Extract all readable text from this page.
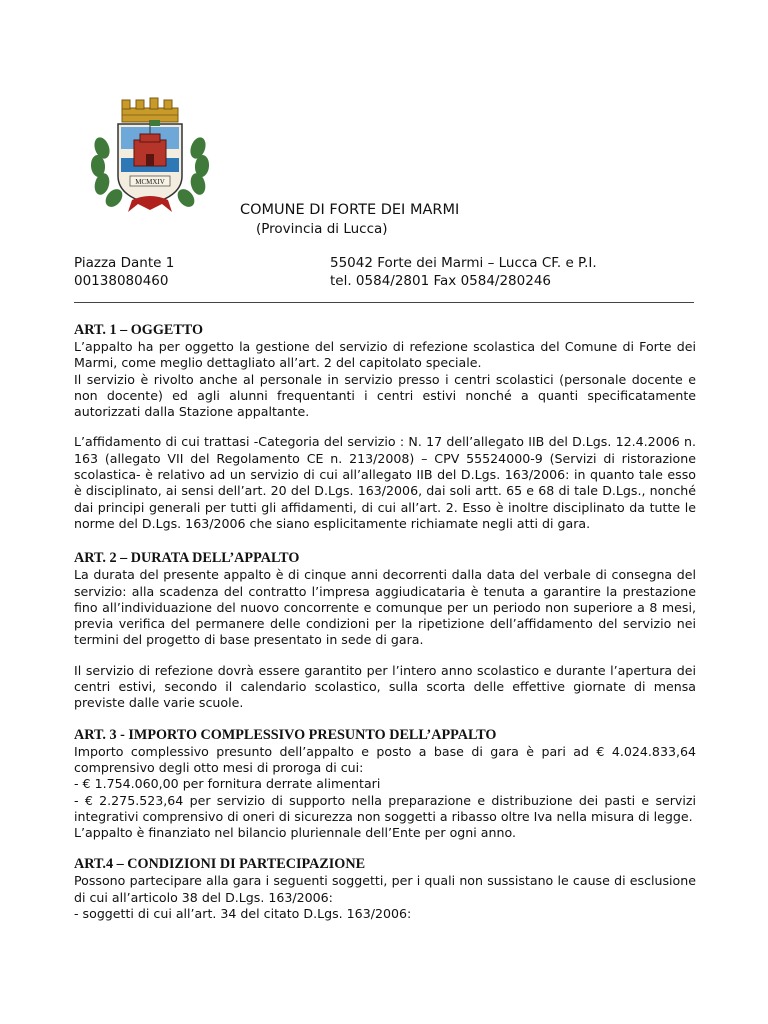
MCMXIV
COMUNE DI FORTE DEI MARMI
(Provincia di Lucca)
Piazza Dante 1
00138080460
55042 Forte dei Marmi – Lucca CF. e P.I.
tel. 0584/2801 Fax 0584/280246
ART. 1 – OGGETTO

L’appalto ha per oggetto la gestione del servizio di refezione scolastica del Comune di Forte dei Marmi, come meglio dettagliato all’art. 2 del capitolato speciale.

Il servizio è rivolto anche al personale in servizio presso i centri scolastici (personale docente e non docente) ed agli alunni frequentanti i centri estivi nonché a quanti specificatamente autorizzati dalla Stazione appaltante.

L’affidamento di cui trattasi -Categoria del servizio : N. 17 dell’allegato IIB del D.Lgs. 12.4.2006 n. 163 (allegato VII del Regolamento CE n. 213/2008) – CPV 55524000-9 (Servizi di ristorazione scolastica- è relativo ad un servizio di cui all’allegato IIB del D.Lgs. 163/2006: in quanto tale esso è disciplinato, ai sensi dell’art. 20 del D.Lgs. 163/2006, dai soli artt. 65 e 68 di tale D.Lgs., nonché dai principi generali per tutti gli affidamenti, di cui all’art. 2. Esso è inoltre disciplinato da tutte le norme del D.Lgs. 163/2006 che siano esplicitamente richiamate negli atti di gara.

ART. 2 – DURATA DELL’APPALTO

La durata del presente appalto è di cinque anni decorrenti dalla data del verbale di consegna del servizio: alla scadenza del contratto l’impresa aggiudicataria è tenuta a garantire la prestazione fino all’individuazione del nuovo concorrente e comunque per un periodo non superiore a 8 mesi, previa verifica del permanere delle condizioni per la ripetizione dell’affidamento del servizio nei termini del progetto di base presentato in sede di gara.

Il servizio di refezione dovrà essere garantito per l’intero anno scolastico e durante l’apertura dei centri estivi, secondo il calendario scolastico, sulla scorta delle effettive giornate di mensa previste dalle varie scuole.

ART. 3 - IMPORTO COMPLESSIVO PRESUNTO DELL’APPALTO

Importo complessivo presunto dell’appalto e posto a base di gara è pari ad € 4.024.833,64 comprensivo degli otto mesi di proroga di cui:

- € 1.754.060,00 per fornitura derrate alimentari

- € 2.275.523,64 per servizio di supporto nella preparazione e distribuzione dei pasti e servizi integrativi comprensivo di oneri di sicurezza non soggetti a ribasso oltre Iva nella misura di legge.

L’appalto è finanziato nel bilancio pluriennale dell’Ente per ogni anno.

ART.4 – CONDIZIONI DI PARTECIPAZIONE

Possono partecipare alla gara i seguenti soggetti, per i quali non sussistano le cause di esclusione di cui all’articolo 38 del D.Lgs. 163/2006:

- soggetti di cui all’art. 34 del citato D.Lgs. 163/2006:
